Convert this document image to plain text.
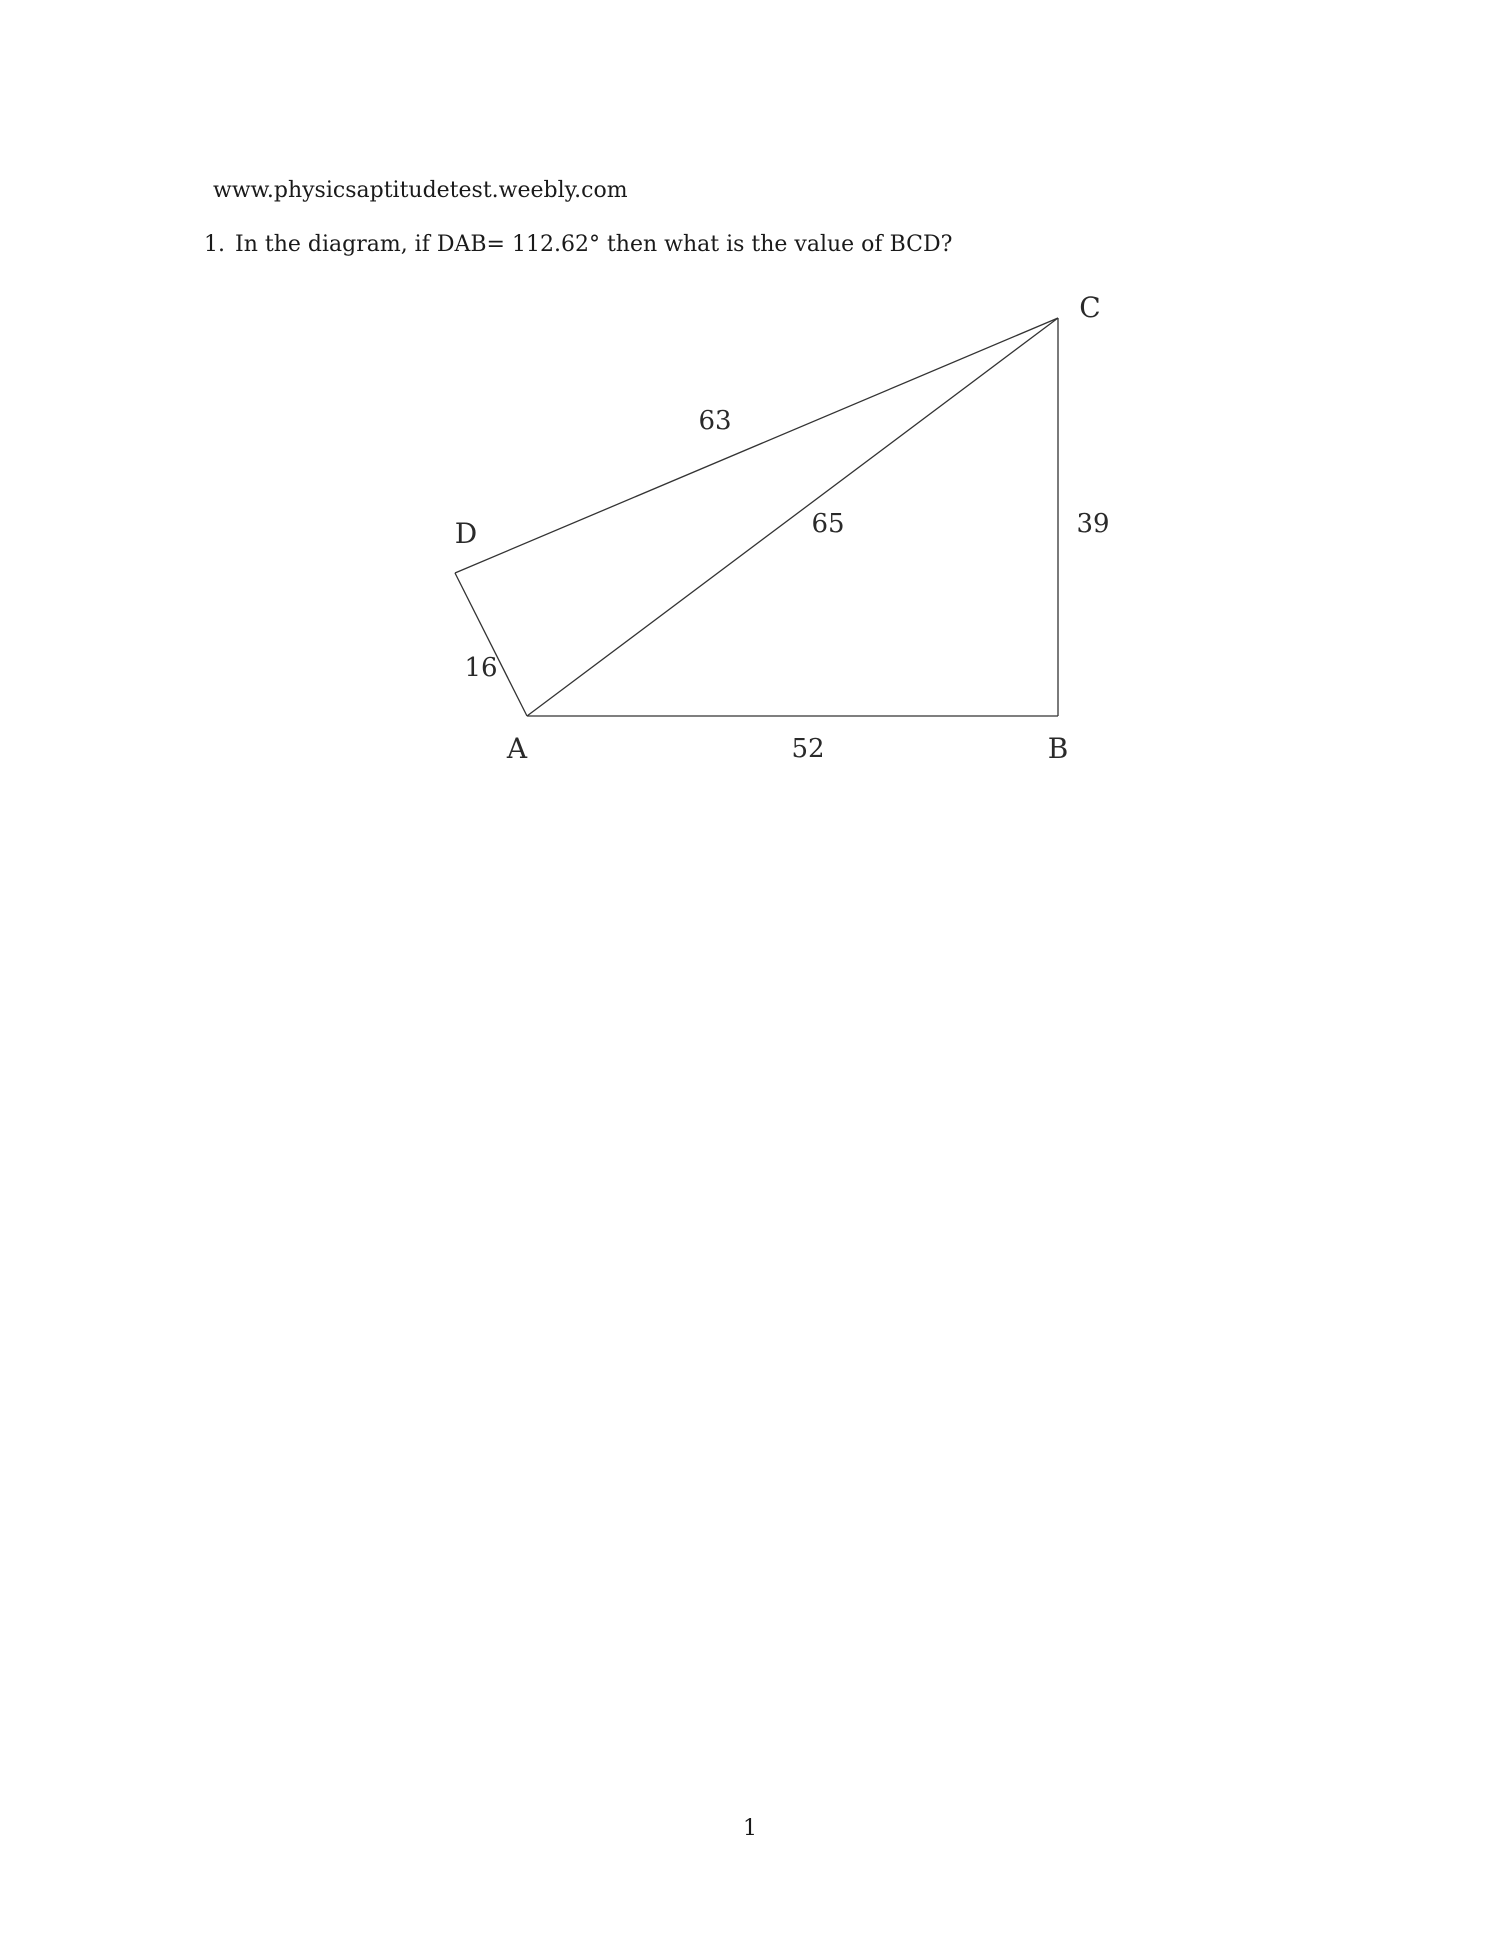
www.physicsaptitudetest.weebly.com
1. In the diagram, if DAB= 112.62° then what is the value of BCD?
C
D
A	B
63
65	39
16
52
1
